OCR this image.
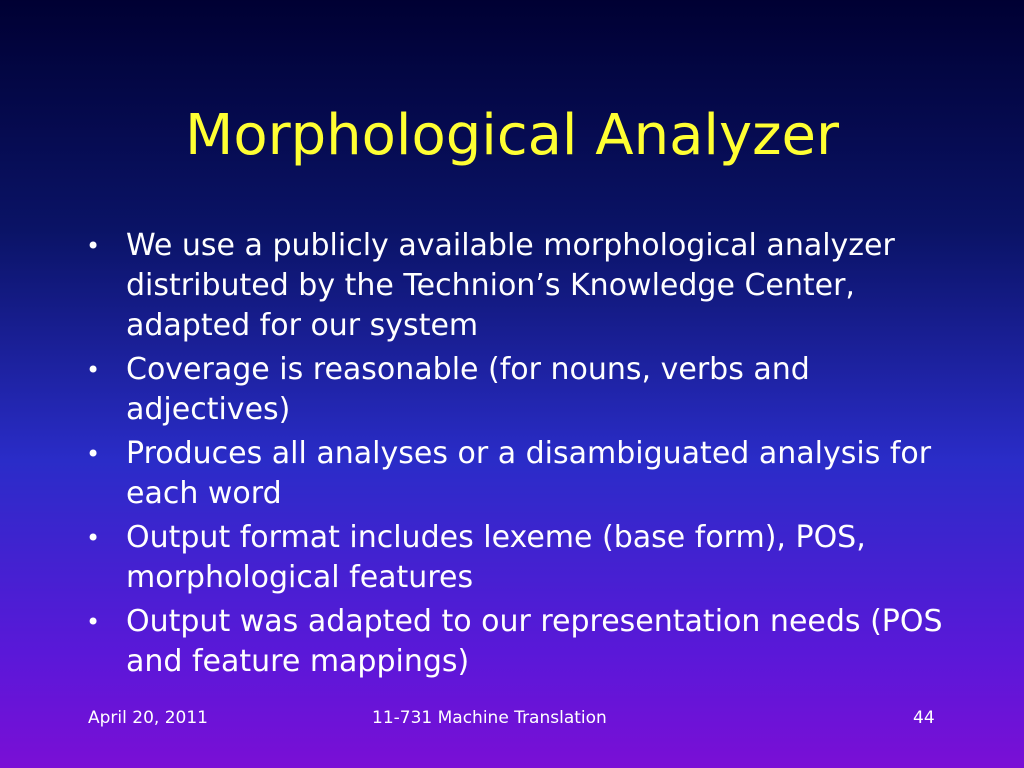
Morphological Analyzer
• We use a publicly available morphological analyzer distributed by the Technion’s Knowledge Center, adapted for our system
• Coverage is reasonable (for nouns, verbs and adjectives)
• Produces all analyses or a disambiguated analysis for each word
• Output format includes lexeme (base form), POS, morphological features
• Output was adapted to our representation needs (POS and feature mappings)
April 20, 2011	11-731 Machine Translation	44
